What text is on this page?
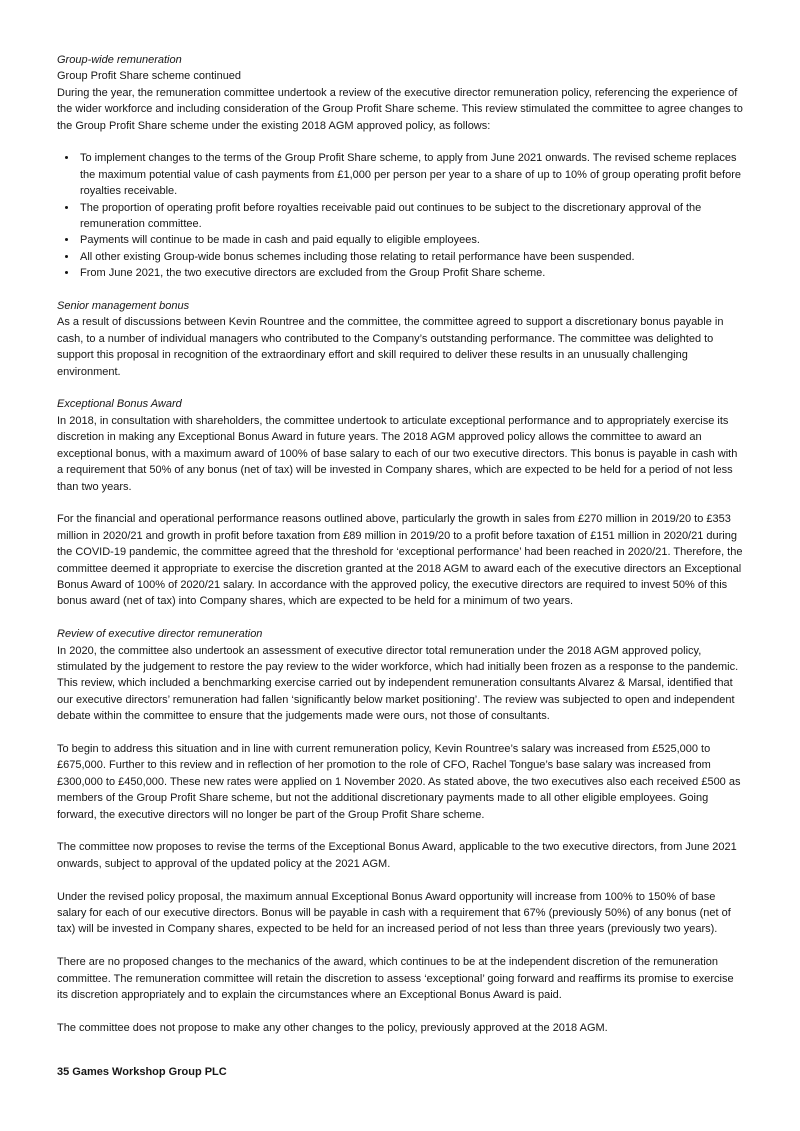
Group-wide remuneration

Group Profit Share scheme continued

During the year, the remuneration committee undertook a review of the executive director remuneration policy, referencing the experience of the wider workforce and including consideration of the Group Profit Share scheme. This review stimulated the committee to agree changes to the Group Profit Share scheme under the existing 2018 AGM approved policy, as follows:

• To implement changes to the terms of the Group Profit Share scheme, to apply from June 2021 onwards. The revised scheme replaces the maximum potential value of cash payments from £1,000 per person per year to a share of up to 10% of group operating profit before royalties receivable.
• The proportion of operating profit before royalties receivable paid out continues to be subject to the discretionary approval of the remuneration committee.
• Payments will continue to be made in cash and paid equally to eligible employees.
• All other existing Group-wide bonus schemes including those relating to retail performance have been suspended.
• From June 2021, the two executive directors are excluded from the Group Profit Share scheme.

Senior management bonus

As a result of discussions between Kevin Rountree and the committee, the committee agreed to support a discretionary bonus payable in cash, to a number of individual managers who contributed to the Company’s outstanding performance. The committee was delighted to support this proposal in recognition of the extraordinary effort and skill required to deliver these results in an unusually challenging environment.

Exceptional Bonus Award

In 2018, in consultation with shareholders, the committee undertook to articulate exceptional performance and to appropriately exercise its discretion in making any Exceptional Bonus Award in future years. The 2018 AGM approved policy allows the committee to award an exceptional bonus, with a maximum award of 100% of base salary to each of our two executive directors. This bonus is payable in cash with a requirement that 50% of any bonus (net of tax) will be invested in Company shares, which are expected to be held for a period of not less than two years.

For the financial and operational performance reasons outlined above, particularly the growth in sales from £270 million in 2019/20 to £353 million in 2020/21 and growth in profit before taxation from £89 million in 2019/20 to a profit before taxation of £151 million in 2020/21 during the COVID-19 pandemic, the committee agreed that the threshold for ‘exceptional performance’ had been reached in 2020/21. Therefore, the committee deemed it appropriate to exercise the discretion granted at the 2018 AGM to award each of the executive directors an Exceptional Bonus Award of 100% of 2020/21 salary. In accordance with the approved policy, the executive directors are required to invest 50% of this bonus award (net of tax) into Company shares, which are expected to be held for a minimum of two years.

Review of executive director remuneration

In 2020, the committee also undertook an assessment of executive director total remuneration under the 2018 AGM approved policy, stimulated by the judgement to restore the pay review to the wider workforce, which had initially been frozen as a response to the pandemic. This review, which included a benchmarking exercise carried out by independent remuneration consultants Alvarez & Marsal, identified that our executive directors’ remuneration had fallen ‘significantly below market positioning’. The review was subjected to open and independent debate within the committee to ensure that the judgements made were ours, not those of consultants.

To begin to address this situation and in line with current remuneration policy, Kevin Rountree’s salary was increased from £525,000 to £675,000. Further to this review and in reflection of her promotion to the role of CFO, Rachel Tongue’s base salary was increased from £300,000 to £450,000. These new rates were applied on 1 November 2020. As stated above, the two executives also each received £500 as members of the Group Profit Share scheme, but not the additional discretionary payments made to all other eligible employees. Going forward, the executive directors will no longer be part of the Group Profit Share scheme.

The committee now proposes to revise the terms of the Exceptional Bonus Award, applicable to the two executive directors, from June 2021 onwards, subject to approval of the updated policy at the 2021 AGM.

Under the revised policy proposal, the maximum annual Exceptional Bonus Award opportunity will increase from 100% to 150% of base salary for each of our executive directors. Bonus will be payable in cash with a requirement that 67% (previously 50%) of any bonus (net of tax) will be invested in Company shares, expected to be held for an increased period of not less than three years (previously two years).

There are no proposed changes to the mechanics of the award, which continues to be at the independent discretion of the remuneration committee. The remuneration committee will retain the discretion to assess ‘exceptional’ going forward and reaffirms its promise to exercise its discretion appropriately and to explain the circumstances where an Exceptional Bonus Award is paid.

The committee does not propose to make any other changes to the policy, previously approved at the 2018 AGM.

35 Games Workshop Group PLC
